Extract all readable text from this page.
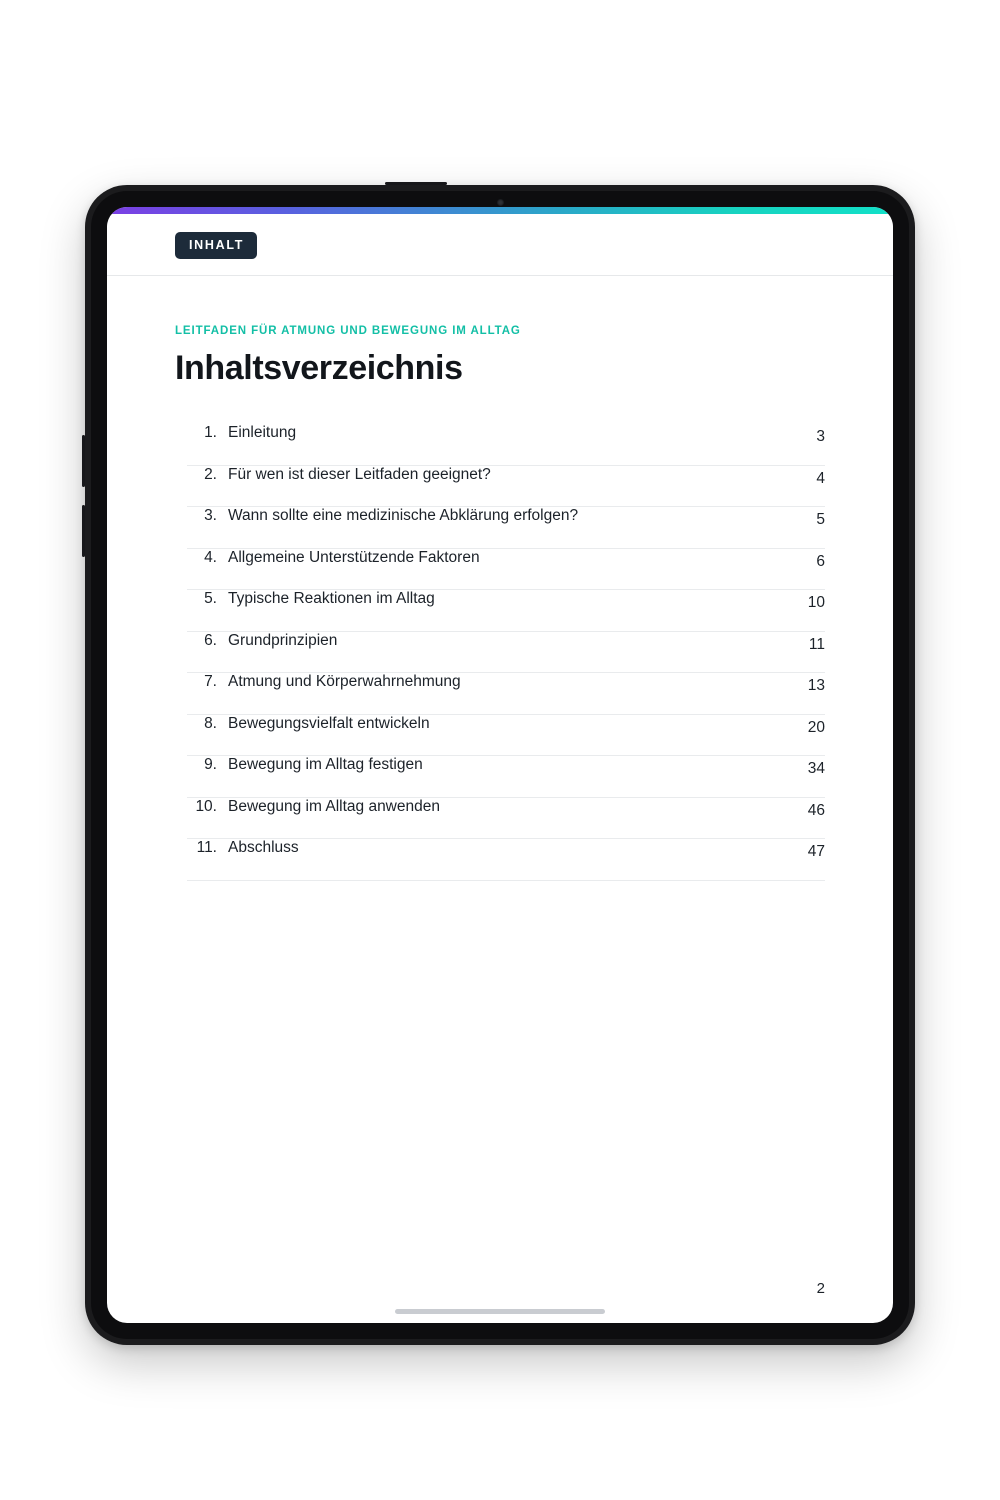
INHALT
LEITFADEN FÜR ATMUNG UND BEWEGUNG IM ALLTAG
Inhaltsverzeichnis
1. Einleitung	3
2. Für wen ist dieser Leitfaden geeignet?	4
3. Wann sollte eine medizinische Abklärung erfolgen?	5
4. Allgemeine Unterstützende Faktoren	6
5. Typische Reaktionen im Alltag	10
6. Grundprinzipien	11
7. Atmung und Körperwahrnehmung	13
8. Bewegungsvielfalt entwickeln	20
9. Bewegung im Alltag festigen	34
10. Bewegung im Alltag anwenden	46
11. Abschluss	47
2
